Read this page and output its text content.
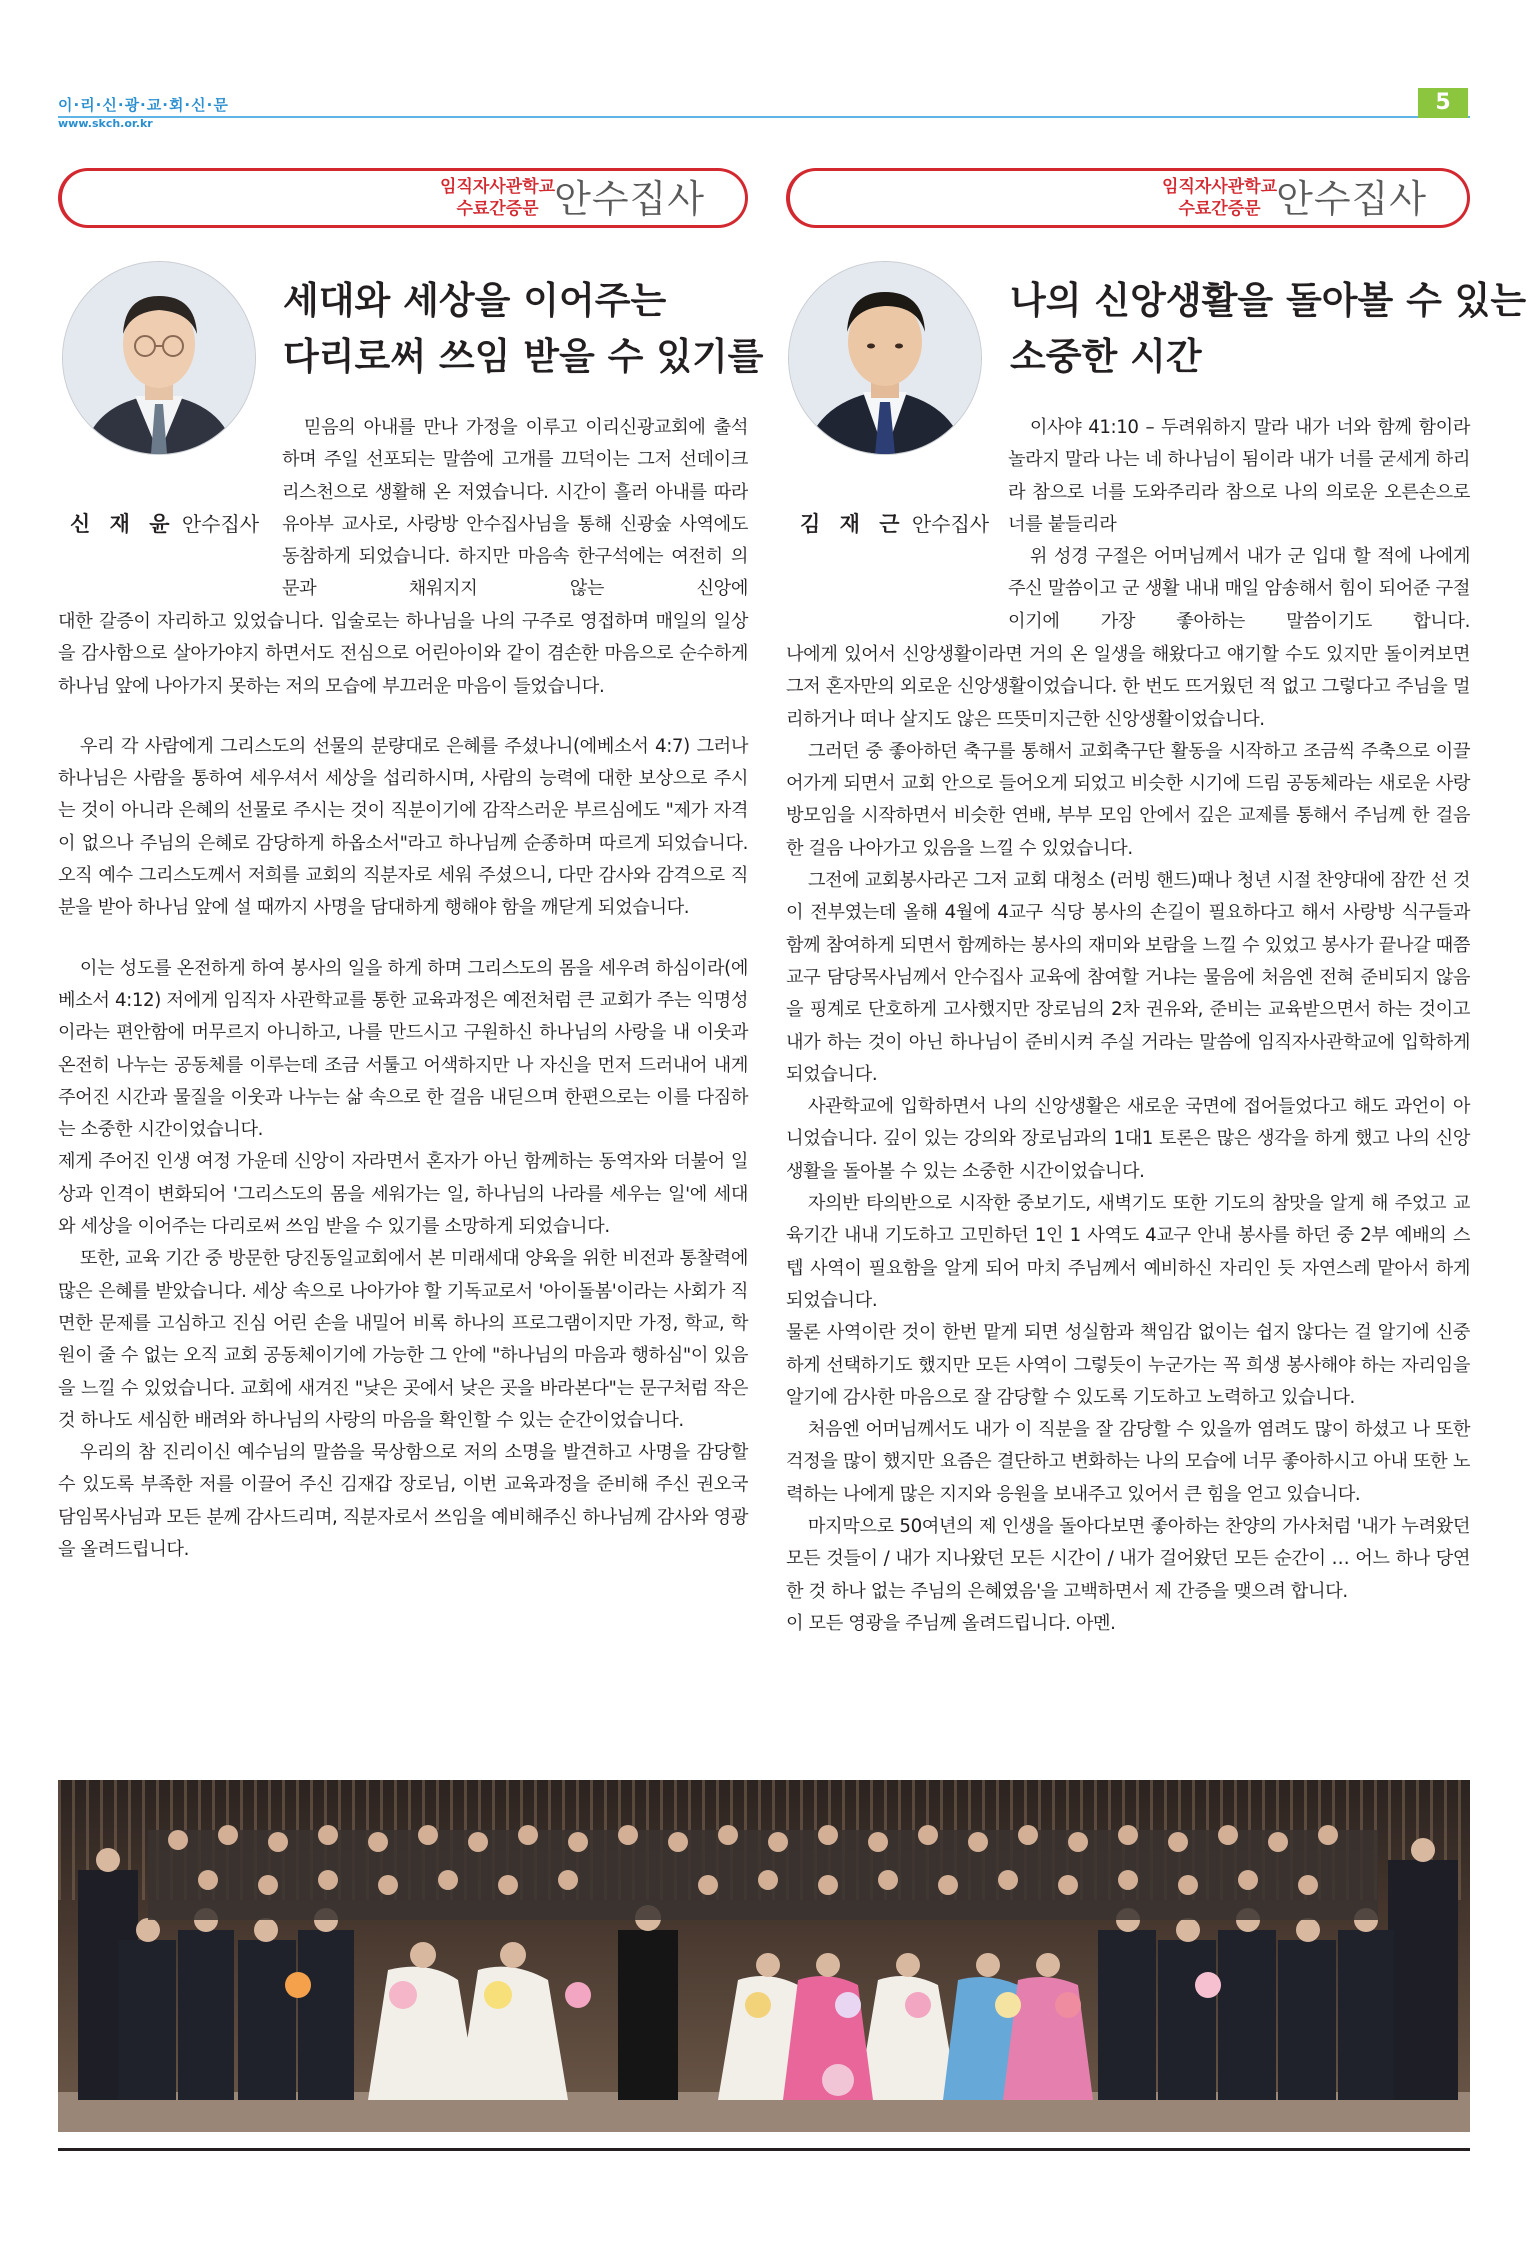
이·리·신·광·교·회·신·문
www.skch.or.kr
5
임직자사관학교
수료간증문 안수집사
신 재 윤 안수집사
세대와 세상을 이어주는
다리로써 쓰임 받을 수 있기를

믿음의 아내를 만나 가정을 이루고 이리신광교회에 출석하며 주일 선포되는 말씀에 고개를 끄덕이는 그저 선데이크리스천으로 생활해 온 저였습니다. 시간이 흘러 아내를 따라 유아부 교사로, 사랑방 안수집사님을 통해 신광숲 사역에도 동참하게 되었습니다. 하지만 마음속 한구석에는 여전히 의문과 채워지지 않는 신앙에

대한 갈증이 자리하고 있었습니다. 입술로는 하나님을 나의 구주로 영접하며 매일의 일상을 감사함으로 살아가야지 하면서도 전심으로 어린아이와 같이 겸손한 마음으로 순수하게 하나님 앞에 나아가지 못하는 저의 모습에 부끄러운 마음이 들었습니다.

우리 각 사람에게 그리스도의 선물의 분량대로 은혜를 주셨나니(에베소서 4:7) 그러나 하나님은 사람을 통하여 세우셔서 세상을 섭리하시며, 사람의 능력에 대한 보상으로 주시는 것이 아니라 은혜의 선물로 주시는 것이 직분이기에 감작스러운 부르심에도 "제가 자격이 없으나 주님의 은혜로 감당하게 하옵소서"라고 하나님께 순종하며 따르게 되었습니다. 오직 예수 그리스도께서 저희를 교회의 직분자로 세워 주셨으니, 다만 감사와 감격으로 직분을 받아 하나님 앞에 설 때까지 사명을 담대하게 행해야 함을 깨닫게 되었습니다.

이는 성도를 온전하게 하여 봉사의 일을 하게 하며 그리스도의 몸을 세우려 하심이라(에베소서 4:12) 저에게 임직자 사관학교를 통한 교육과정은 예전처럼 큰 교회가 주는 익명성이라는 편안함에 머무르지 아니하고, 나를 만드시고 구원하신 하나님의 사랑을 내 이웃과 온전히 나누는 공동체를 이루는데 조금 서툴고 어색하지만 나 자신을 먼저 드러내어 내게 주어진 시간과 물질을 이웃과 나누는 삶 속으로 한 걸음 내딛으며 한편으로는 이를 다짐하는 소중한 시간이었습니다.

제게 주어진 인생 여정 가운데 신앙이 자라면서 혼자가 아닌 함께하는 동역자와 더불어 일상과 인격이 변화되어 '그리스도의 몸을 세워가는 일, 하나님의 나라를 세우는 일'에 세대와 세상을 이어주는 다리로써 쓰임 받을 수 있기를 소망하게 되었습니다.

또한, 교육 기간 중 방문한 당진동일교회에서 본 미래세대 양육을 위한 비전과 통찰력에 많은 은혜를 받았습니다. 세상 속으로 나아가야 할 기독교로서 '아이돌봄'이라는 사회가 직면한 문제를 고심하고 진심 어린 손을 내밀어 비록 하나의 프로그램이지만 가정, 학교, 학원이 줄 수 없는 오직 교회 공동체이기에 가능한 그 안에 "하나님의 마음과 행하심"이 있음을 느낄 수 있었습니다. 교회에 새겨진 "낮은 곳에서 낮은 곳을 바라본다"는 문구처럼 작은 것 하나도 세심한 배려와 하나님의 사랑의 마음을 확인할 수 있는 순간이었습니다.

우리의 참 진리이신 예수님의 말씀을 묵상함으로 저의 소명을 발견하고 사명을 감당할 수 있도록 부족한 저를 이끌어 주신 김재갑 장로님, 이번 교육과정을 준비해 주신 권오국 담임목사님과 모든 분께 감사드리며, 직분자로서 쓰임을 예비해주신 하나님께 감사와 영광을 올려드립니다.

임직자사관학교
수료간증문 안수집사
김 재 근 안수집사
나의 신앙생활을 돌아볼 수 있는
소중한 시간

이사야 41:10 – 두려워하지 말라 내가 너와 함께 함이라 놀라지 말라 나는 네 하나님이 됨이라 내가 너를 굳세게 하리라 참으로 너를 도와주리라 참으로 나의 의로운 오른손으로 너를 붙들리라

위 성경 구절은 어머님께서 내가 군 입대 할 적에 나에게 주신 말씀이고 군 생활 내내 매일 암송해서 힘이 되어준 구절이기에 가장 좋아하는 말씀이기도 합니다.

나에게 있어서 신앙생활이라면 거의 온 일생을 해왔다고 얘기할 수도 있지만 돌이켜보면 그저 혼자만의 외로운 신앙생활이었습니다. 한 번도 뜨거웠던 적 없고 그렇다고 주님을 멀리하거나 떠나 살지도 않은 뜨뜻미지근한 신앙생활이었습니다.

그러던 중 좋아하던 축구를 통해서 교회축구단 활동을 시작하고 조금씩 주축으로 이끌어가게 되면서 교회 안으로 들어오게 되었고 비슷한 시기에 드림 공동체라는 새로운 사랑방모임을 시작하면서 비슷한 연배, 부부 모임 안에서 깊은 교제를 통해서 주님께 한 걸음 한 걸음 나아가고 있음을 느낄 수 있었습니다.

그전에 교회봉사라곤 그저 교회 대청소 (러빙 핸드)때나 청년 시절 찬양대에 잠깐 선 것이 전부였는데 올해 4월에 4교구 식당 봉사의 손길이 필요하다고 해서 사랑방 식구들과 함께 참여하게 되면서 함께하는 봉사의 재미와 보람을 느낄 수 있었고 봉사가 끝나갈 때쯤 교구 담당목사님께서 안수집사 교육에 참여할 거냐는 물음에 처음엔 전혀 준비되지 않음을 핑계로 단호하게 고사했지만 장로님의 2차 권유와, 준비는 교육받으면서 하는 것이고 내가 하는 것이 아닌 하나님이 준비시켜 주실 거라는 말씀에 임직자사관학교에 입학하게 되었습니다.

사관학교에 입학하면서 나의 신앙생활은 새로운 국면에 접어들었다고 해도 과언이 아니었습니다. 깊이 있는 강의와 장로님과의 1대1 토론은 많은 생각을 하게 했고 나의 신앙생활을 돌아볼 수 있는 소중한 시간이었습니다.

자의반 타의반으로 시작한 중보기도, 새벽기도 또한 기도의 참맛을 알게 해 주었고 교육기간 내내 기도하고 고민하던 1인 1 사역도 4교구 안내 봉사를 하던 중 2부 예배의 스텝 사역이 필요함을 알게 되어 마치 주님께서 예비하신 자리인 듯 자연스레 맡아서 하게 되었습니다.

물론 사역이란 것이 한번 맡게 되면 성실함과 책임감 없이는 쉽지 않다는 걸 알기에 신중하게 선택하기도 했지만 모든 사역이 그렇듯이 누군가는 꼭 희생 봉사해야 하는 자리임을 알기에 감사한 마음으로 잘 감당할 수 있도록 기도하고 노력하고 있습니다.

처음엔 어머님께서도 내가 이 직분을 잘 감당할 수 있을까 염려도 많이 하셨고 나 또한 걱정을 많이 했지만 요즘은 결단하고 변화하는 나의 모습에 너무 좋아하시고 아내 또한 노력하는 나에게 많은 지지와 응원을 보내주고 있어서 큰 힘을 얻고 있습니다.

마지막으로 50여년의 제 인생을 돌아다보면 좋아하는 찬양의 가사처럼 '내가 누려왔던 모든 것들이 / 내가 지나왔던 모든 시간이 / 내가 걸어왔던 모든 순간이 … 어느 하나 당연한 것 하나 없는 주님의 은혜였음'을 고백하면서 제 간증을 맺으려 합니다.

이 모든 영광을 주님께 올려드립니다. 아멘.
